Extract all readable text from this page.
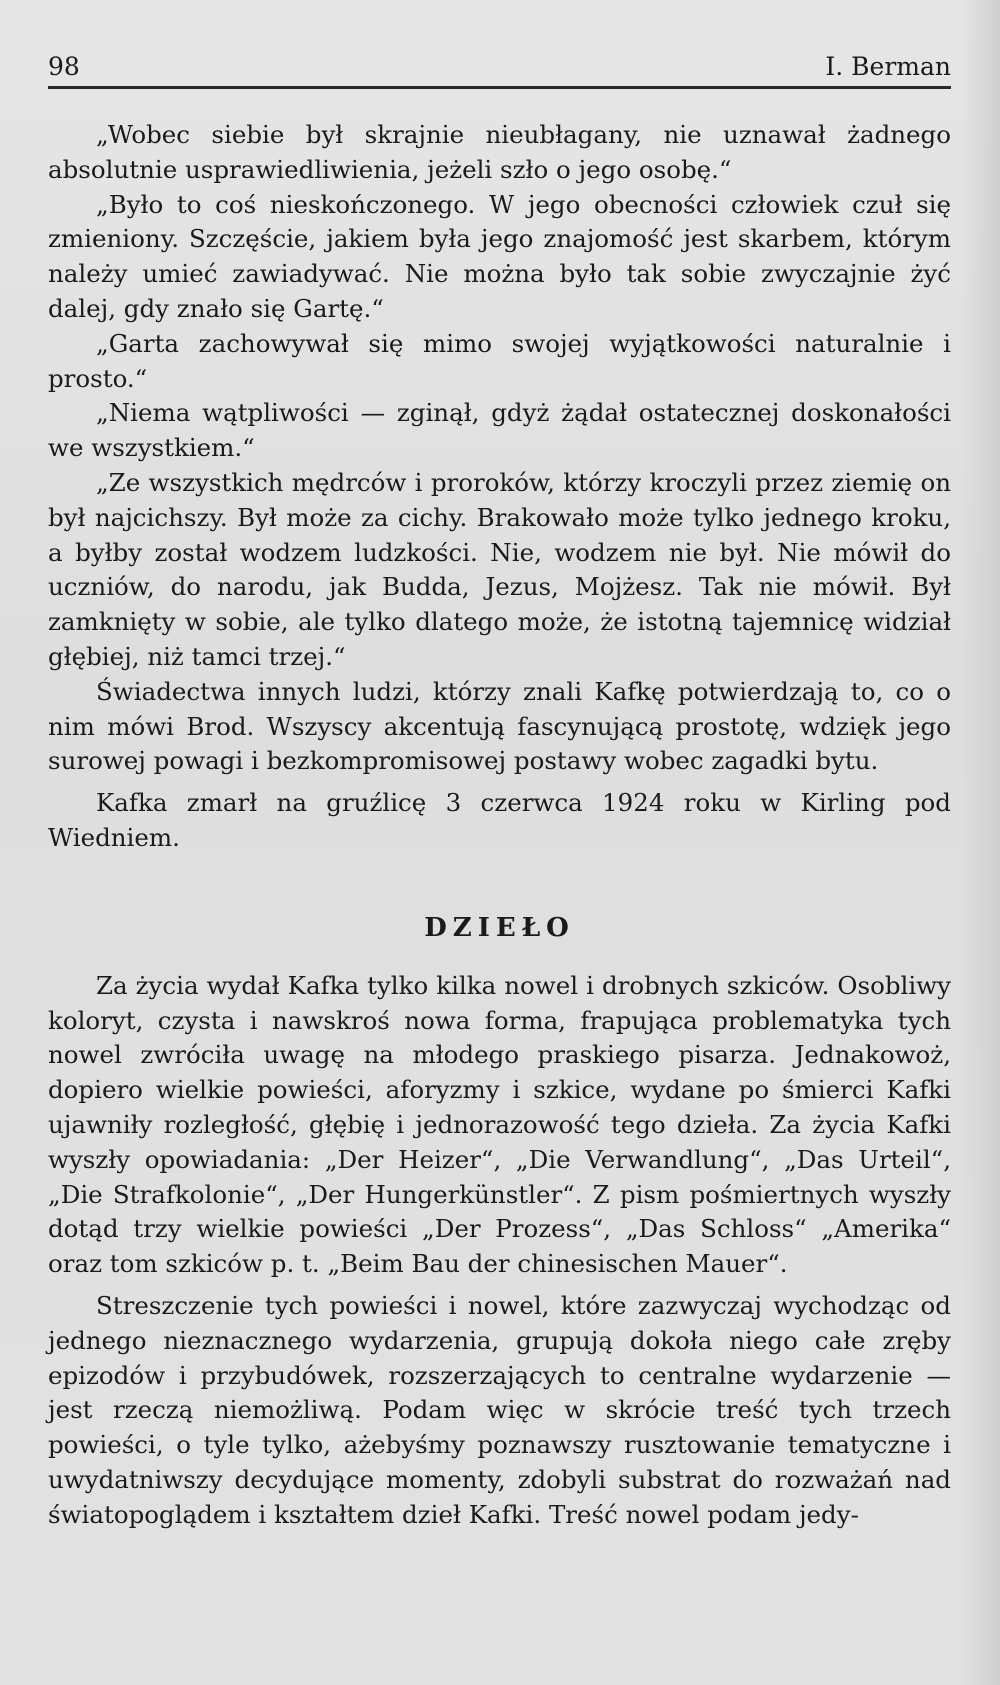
98	I. Berman

„Wobec siebie był skrajnie nieubłagany, nie uznawał żadnego absolutnie usprawiedliwienia, jeżeli szło o jego osobę.“

„Było to coś nieskończonego. W jego obecności człowiek czuł się zmieniony. Szczęście, jakiem była jego znajomość jest skarbem, którym należy umieć zawiadywać. Nie można było tak sobie zwyczajnie żyć dalej, gdy znało się Gartę.“

„Garta zachowywał się mimo swojej wyjątkowości naturalnie i prosto.“

„Niema wątpliwości — zginął, gdyż żądał ostatecznej doskonałości we wszystkiem.“

„Ze wszystkich mędrców i proroków, którzy kroczyli przez ziemię on był najcichszy. Był może za cichy. Brakowało może tylko jednego kroku, a byłby został wodzem ludzkości. Nie, wodzem nie był. Nie mówił do uczniów, do narodu, jak Budda, Jezus, Mojżesz. Tak nie mówił. Był zamknięty w sobie, ale tylko dlatego może, że istotną tajemnicę widział głębiej, niż tamci trzej.“

Świadectwa innych ludzi, którzy znali Kafkę potwierdzają to, co o nim mówi Brod. Wszyscy akcentują fascynującą prostotę, wdzięk jego surowej powagi i bezkompromisowej postawy wobec zagadki bytu.

Kafka zmarł na gruźlicę 3 czerwca 1924 roku w Kirling pod Wiedniem.

DZIEŁO

Za życia wydał Kafka tylko kilka nowel i drobnych szkiców. Osobliwy koloryt, czysta i nawskroś nowa forma, frapująca problematyka tych nowel zwróciła uwagę na młodego praskiego pisarza. Jednakowoż, dopiero wielkie powieści, aforyzmy i szkice, wydane po śmierci Kafki ujawniły rozległość, głębię i jednorazowość tego dzieła. Za życia Kafki wyszły opowiadania: „Der Heizer“, „Die Verwandlung“, „Das Urteil“, „Die Strafkolonie“, „Der Hungerkünstler“. Z pism pośmiertnych wyszły dotąd trzy wielkie powieści „Der Prozess“, „Das Schloss“ „Amerika“ oraz tom szkiców p. t. „Beim Bau der chinesischen Mauer“.

Streszczenie tych powieści i nowel, które zazwyczaj wychodząc od jednego nieznacznego wydarzenia, grupują dokoła niego całe zręby epizodów i przybudówek, rozszerzających to centralne wydarzenie — jest rzeczą niemożliwą. Podam więc w skrócie treść tych trzech powieści, o tyle tylko, ażebyśmy poznawszy rusztowanie tematyczne i uwydatniwszy decydujące momenty, zdobyli substrat do rozważań nad światopoglądem i kształtem dzieł Kafki. Treść nowel podam jedy-
